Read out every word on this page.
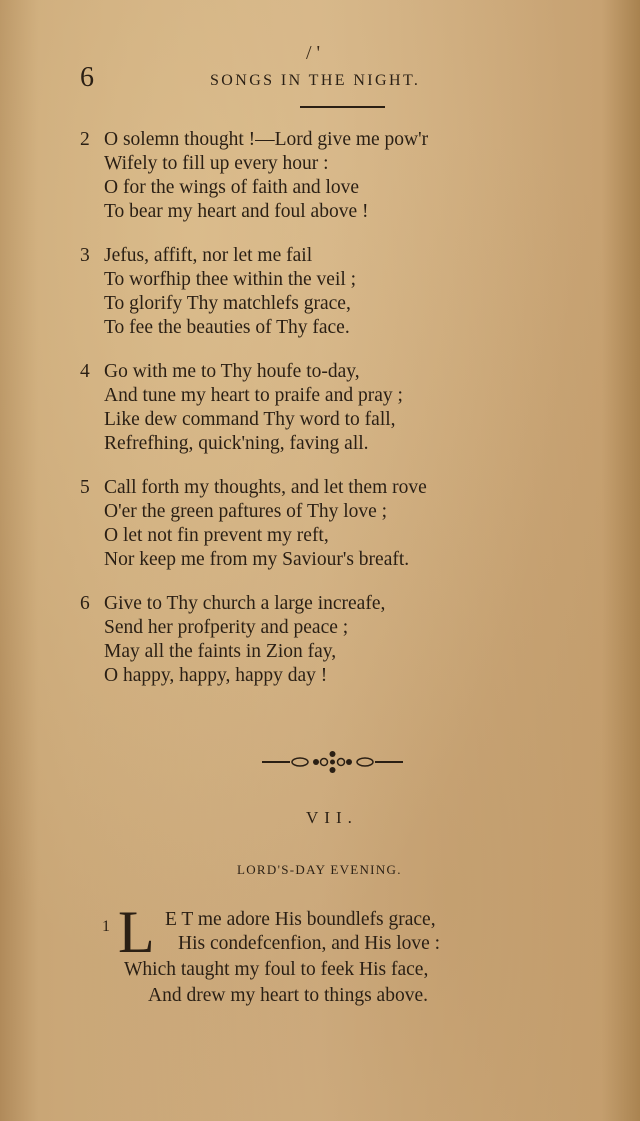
/ '
6	SONGS IN THE NIGHT.
2 O solemn thought !—Lord give me pow'r
Wifely to fill up every hour :
O for the wings of faith and love
To bear my heart and foul above !
3 Jefus, affift, nor let me fail
To worfhip thee within the veil ;
To glorify Thy matchlefs grace,
To fee the beauties of Thy face.
4 Go with me to Thy houfe to-day,
And tune my heart to praife and pray ;
Like dew command Thy word to fall,
Refrefhing, quick'ning, faving all.
5 Call forth my thoughts, and let them rove
O'er the green paftures of Thy love ;
O let not fin prevent my reft,
Nor keep me from my Saviour's breaft.
6 Give to Thy church a large increafe,
Send her profperity and peace ;
May all the faints in Zion fay,
O happy, happy, happy day !
VII.
LORD'S-DAY EVENING.
1 L E T me adore His boundlefs grace,
His condefcenfion, and His love :
Which taught my foul to feek His face,
And drew my heart to things above.
